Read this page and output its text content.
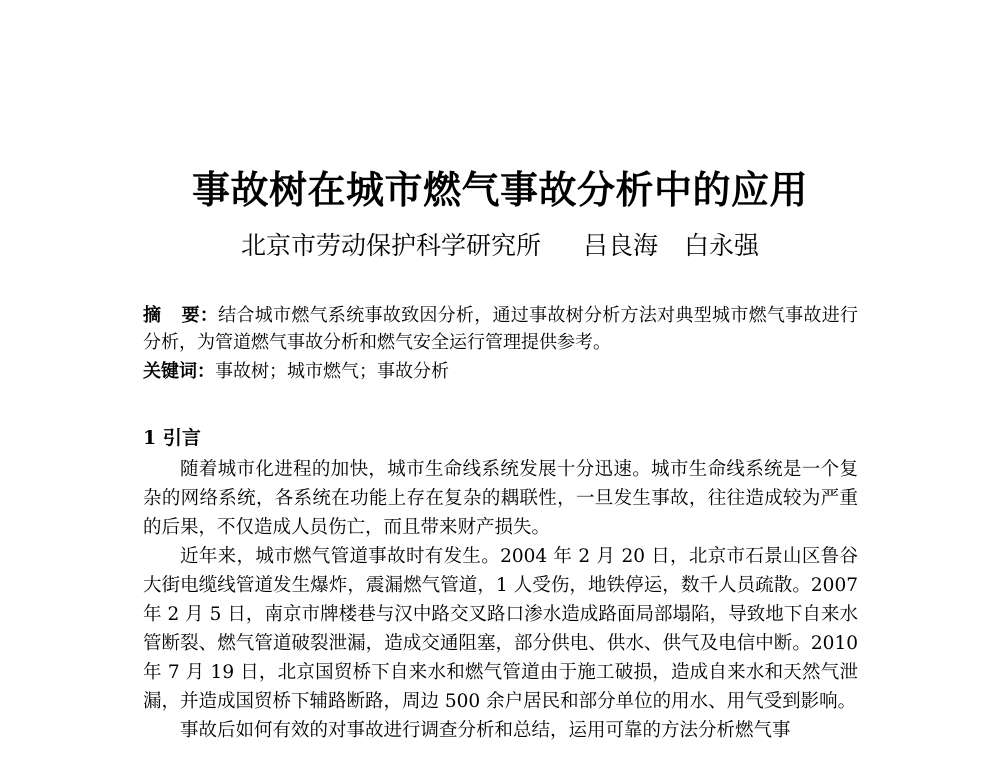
事故树在城市燃气事故分析中的应用
北京市劳动保护科学研究所 吕良海 白永强
摘 要：结合城市燃气系统事故致因分析，通过事故树分析方法对典型城市燃气事故进行分析，为管道燃气事故分析和燃气安全运行管理提供参考。
关键词：事故树；城市燃气；事故分析
1 引言

随着城市化进程的加快，城市生命线系统发展十分迅速。城市生命线系统是一个复杂的网络系统，各系统在功能上存在复杂的耦联性，一旦发生事故，往往造成较为严重的后果，不仅造成人员伤亡，而且带来财产损失。

近年来，城市燃气管道事故时有发生。2004 年 2 月 20 日，北京市石景山区鲁谷大街电缆线管道发生爆炸，震漏燃气管道，1 人受伤，地铁停运，数千人员疏散。2007 年 2 月 5 日，南京市牌楼巷与汉中路交叉路口渗水造成路面局部塌陷，导致地下自来水管断裂、燃气管道破裂泄漏，造成交通阻塞，部分供电、供水、供气及电信中断。2010 年 7 月 19 日，北京国贸桥下自来水和燃气管道由于施工破损，造成自来水和天然气泄漏，并造成国贸桥下辅路断路，周边 500 余户居民和部分单位的用水、用气受到影响。

事故后如何有效的对事故进行调查分析和总结，运用可靠的方法分析燃气事
